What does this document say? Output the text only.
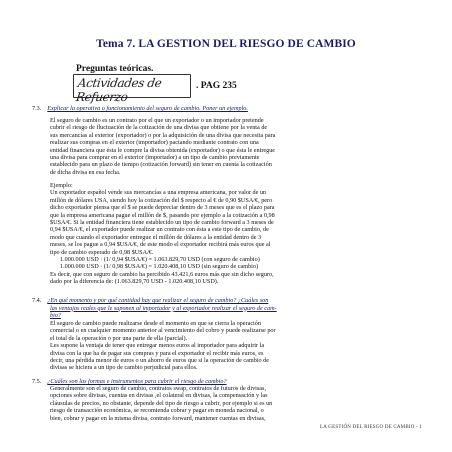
Tema 7. LA GESTION DEL RIESGO DE CAMBIO
Preguntas teóricas.
Actividades de Refuerzo
. PAG 235
7.3. Explicar la operativa o funcionamiento del seguro de cambio. Poner un ejemplo.
El seguro de cambio es un contrato por el que un exportador o un importador pretende
cubrir el riesgo de fluctuación de la cotización de una divisa que obtiene por la venta de
sus mercancías al exterior (exportador) o por la adquisición de una divisa que necesita para
realizar sus compras en el exterior (importador) pactando mediante contrato con una
entidad financiera que ésta le compre la divisa obtenida (exportador) o que ésta le entregue
una divisa para comprar en el exterior (importador) a un tipo de cambio previamente
establecido para un plazo de tiempo (cotización forward) sin tener en cuenta la cotización
de dicha divisa en esa fecha.
Ejemplo:
Un exportador español vende sus mercancías a una empresa americana, por valor de un
millón de dólares USA, siendo hoy la cotización del $ respecto al € de 0,90 $USA/€, pero
dicho exportador piensa que el $ se puede depreciar dentro de 3 meses que es el plazo para
que la empresa americana pague el millón de $, pasando por ejemplo a la cotización a 0,98
$USA/€. Si la entidad financiera tiene establecido un tipo de cambio forward a 3 meses de
0,94 $USA/€, el exportador puede realizar un contrato con ésta a este tipo de cambio, de
modo que cuando el exportador entregue el millón de dólares a la entidad dentro de 3
meses, se los pague a 0,94 $USA/€, de este modo el exportador recibirá más euros que al
tipo de cambio esperado de 0,98 $USA/€.
1.000.000 USD · (1/ 0,94 $USA/€) = 1.063.829,70 USD (con seguro de cambio)
1.000.000 USD · (1/ 0,98 $USA/€) = 1.020.408,10 USD (sin seguro de cambio)
Es decir, que con seguro de cambio ha percibido 43.421,6 euros más que sin dicho seguro,
dado por la diferencia de: (1.063.829,70 USD - 1.020.408,10 USD).
7.4. ¿En qué momento y por qué cantidad hay que realizar el seguro de cambio? ¿Cuáles son
las ventajas reales que le suponen al importador y al exportador realizar el seguro de cam-
bio?
El seguro de cambio puede realizarse desde el momento en que se cierra la operación
comercial o en cualquier momento anterior al vencimiento del cobro y puede realizarse por
el total de la operación o por una parte de ella (parcial).
Les supone la ventaja de tener que entregar menos euros al importador para adquirir la
divisa con la que ha de pagar sus compras y para el exportador el recibir más euros, es
decir, una pérdida menor de euros o un ahorro de euros que si la operación de cambio de
divisas se hiciera a un tipo de cambio perjudicial para ellos.
7.5. ¿Cuáles son las formas e instrumentos para cubrir el riesgo de cambio?
Generalmente son el seguro de cambio, contratos swap, contratos de futuros de divisas,
opciones sobre divisas, cuentas en divisas ,el colateral en divisas, la compensación y las
cláusulas de precios, no obstante, depende del tipo de riesgo a cubrir, por ejemplo si es un
riesgo de transacción económica, se recomienda cobrar y pagar en moneda nacional, o
bien, cobrar y pagar en la misma divisa, contrato forward, mantener cuentas en divisas,
LA GESTIÓN DEL RIESGO DE CAMBIO - 1
